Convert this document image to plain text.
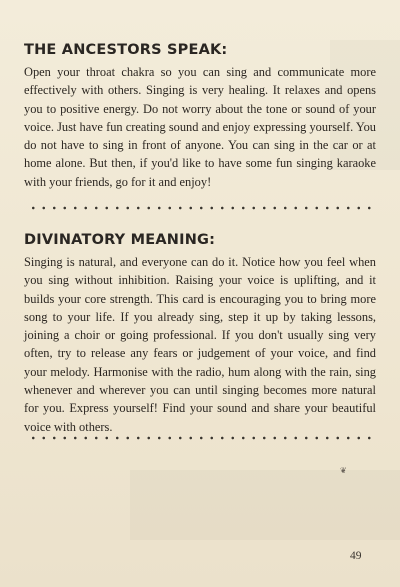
THE ANCESTORS SPEAK:

Open your throat chakra so you can sing and communicate more effectively with others. Singing is very healing. It relaxes and opens you to positive energy. Do not worry about the tone or sound of your voice. Just have fun creating sound and enjoy expressing yourself. You do not have to sing in front of anyone. You can sing in the car or at home alone. But then, if you'd like to have some fun singing karaoke with your friends, go for it and enjoy!

DIVINATORY MEANING:

Singing is natural, and everyone can do it. Notice how you feel when you sing without inhibition. Raising your voice is uplifting, and it builds your core strength. This card is encouraging you to bring more song to your life. If you already sing, step it up by taking lessons, joining a choir or going professional. If you don't usually sing very often, try to release any fears or judgement of your voice, and find your melody. Harmonise with the radio, hum along with the rain, sing whenever and wherever you can until singing becomes more natural for you. Express yourself! Find your sound and share your beautiful voice with others.

❦
49
